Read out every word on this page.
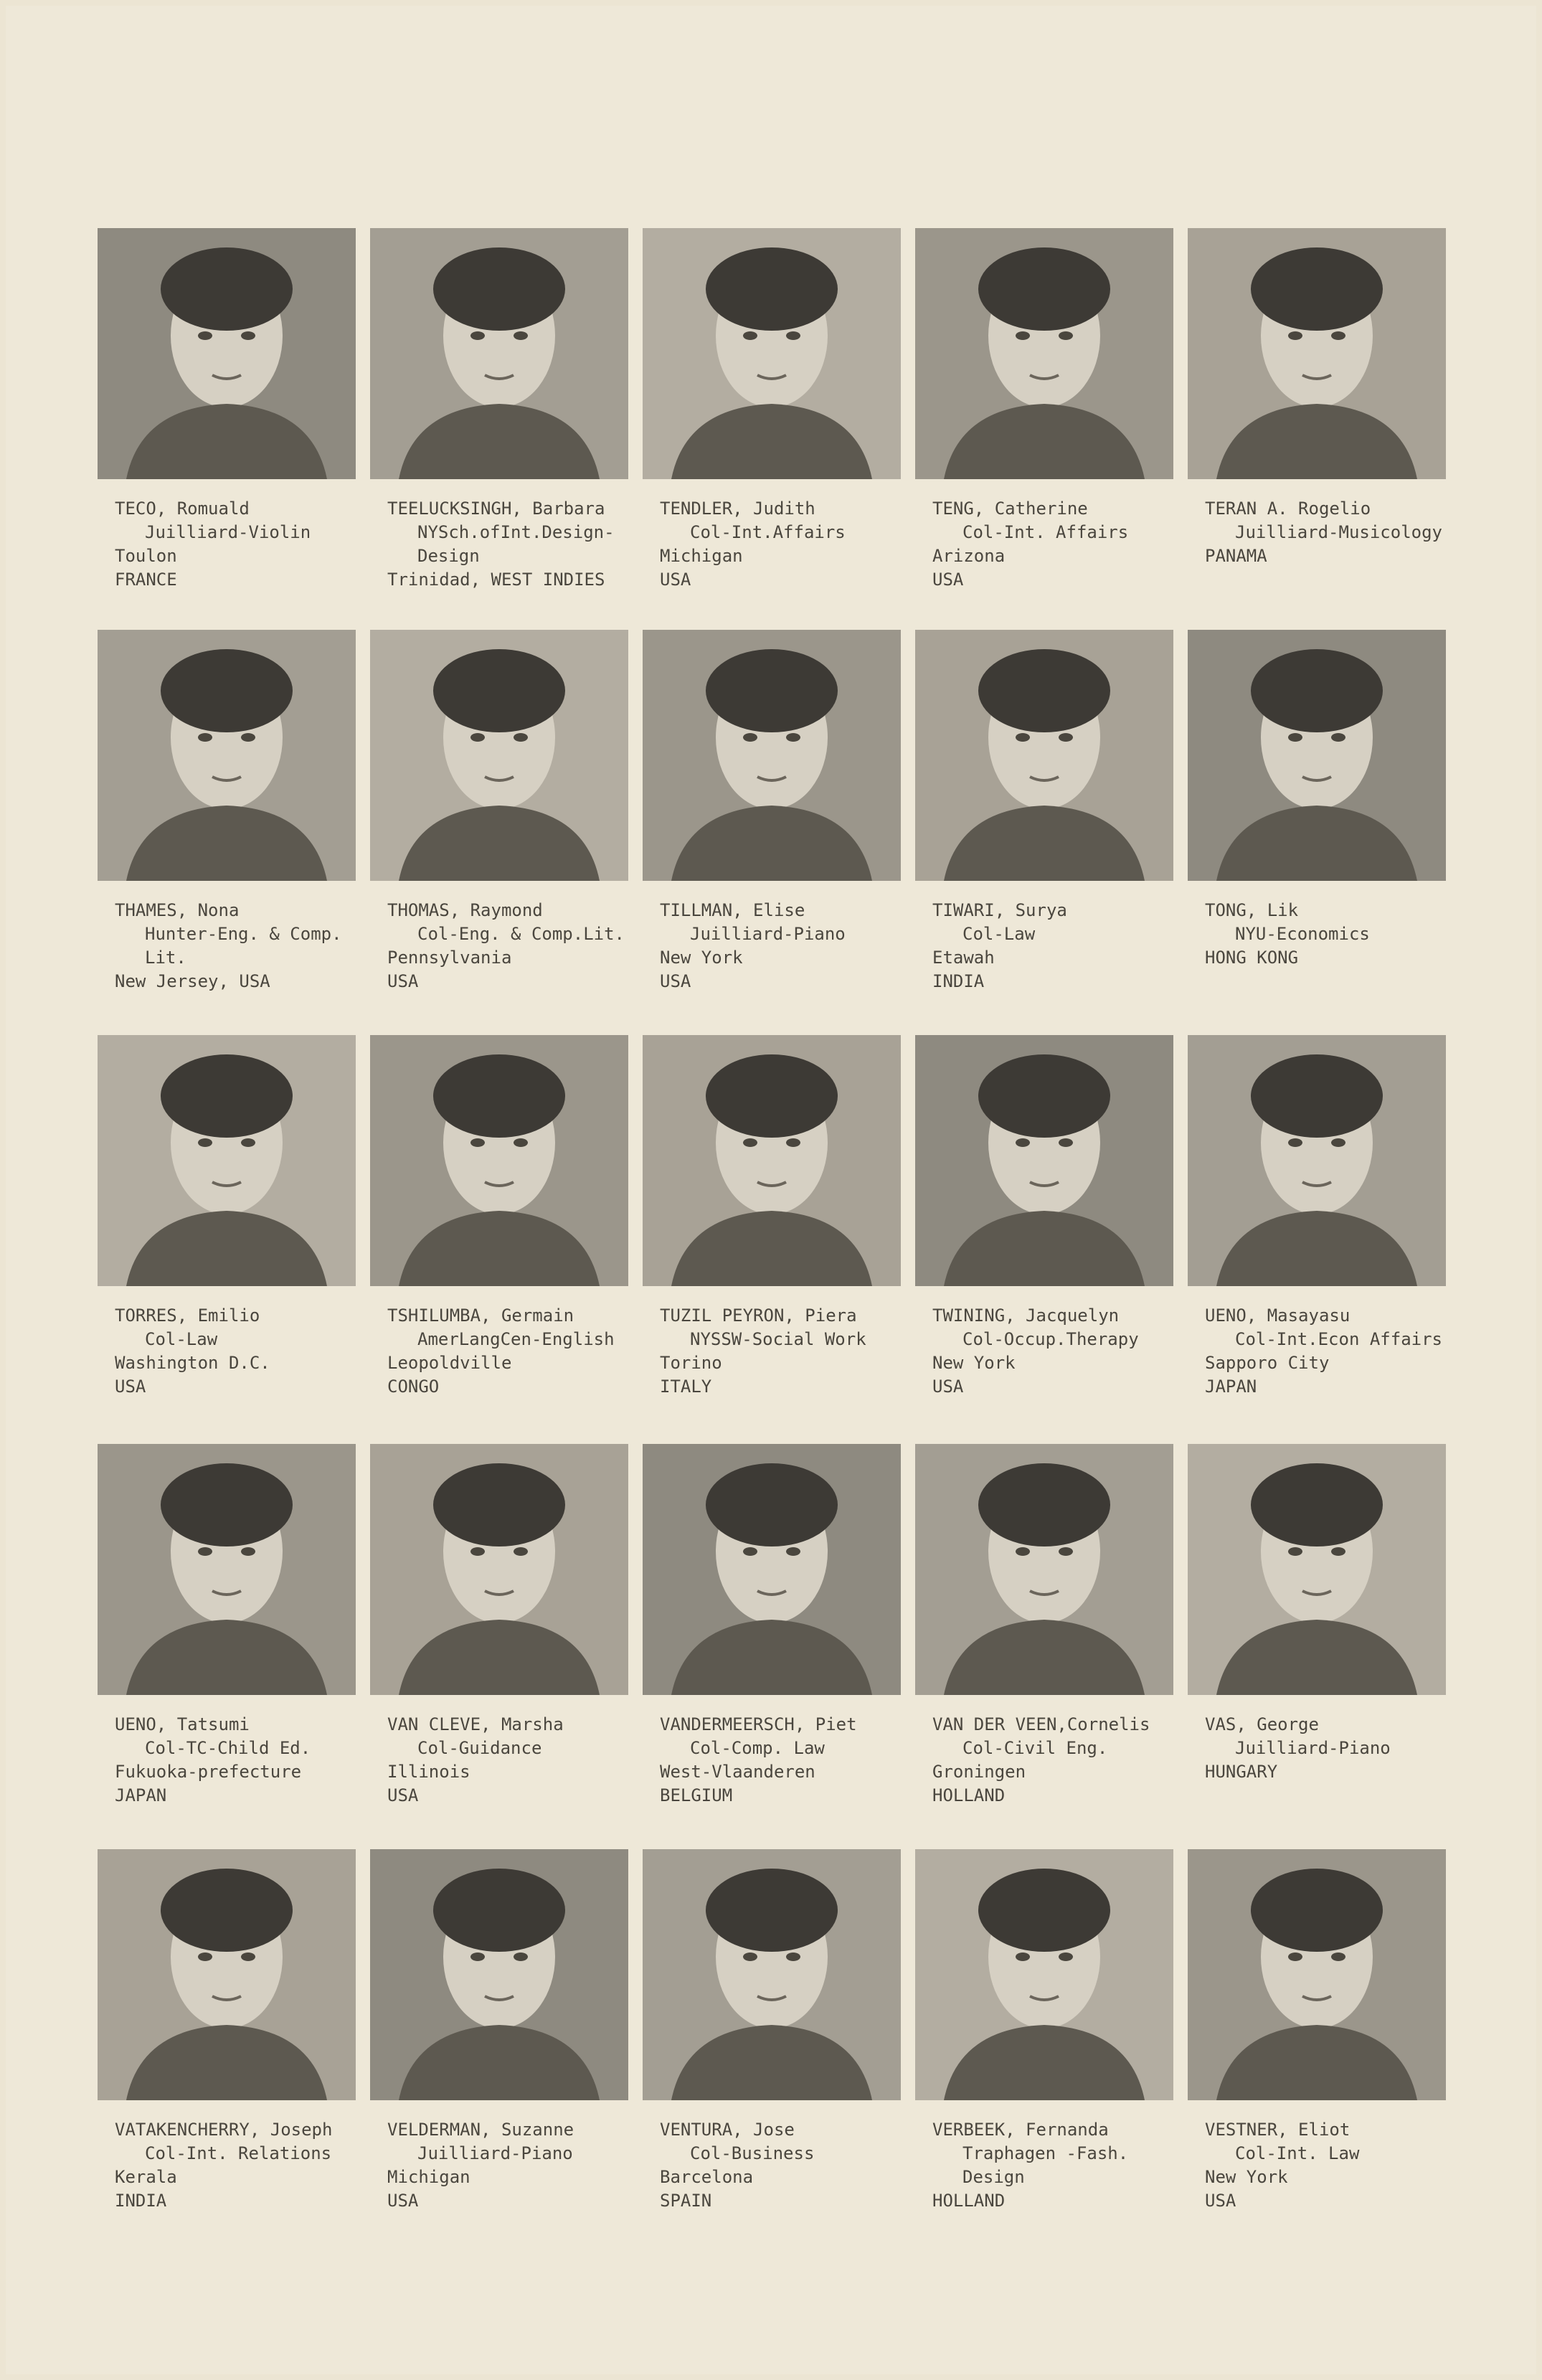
TECO, Romuald
Juilliard-Violin
Toulon
FRANCE
TEELUCKSINGH, Barbara
NYSch.ofInt.Design-
Design
Trinidad, WEST INDIES
TENDLER, Judith
Col-Int.Affairs
Michigan
USA
TENG, Catherine
Col-Int. Affairs
Arizona
USA
TERAN A. Rogelio
Juilliard-Musicology
PANAMA
THAMES, Nona
Hunter-Eng. & Comp.
Lit.
New Jersey, USA
THOMAS, Raymond
Col-Eng. & Comp.Lit.
Pennsylvania
USA
TILLMAN, Elise
Juilliard-Piano
New York
USA
TIWARI, Surya
Col-Law
Etawah
INDIA
TONG, Lik
NYU-Economics
HONG KONG
TORRES, Emilio
Col-Law
Washington D.C.
USA
TSHILUMBA, Germain
AmerLangCen-English
Leopoldville
CONGO
TUZIL PEYRON, Piera
NYSSW-Social Work
Torino
ITALY
TWINING, Jacquelyn
Col-Occup.Therapy
New York
USA
UENO, Masayasu
Col-Int.Econ Affairs
Sapporo City
JAPAN
UENO, Tatsumi
Col-TC-Child Ed.
Fukuoka-prefecture
JAPAN
VAN CLEVE, Marsha
Col-Guidance
Illinois
USA
VANDERMEERSCH, Piet
Col-Comp. Law
West-Vlaanderen
BELGIUM
VAN DER VEEN,Cornelis
Col-Civil Eng.
Groningen
HOLLAND
VAS, George
Juilliard-Piano
HUNGARY
VATAKENCHERRY, Joseph
Col-Int. Relations
Kerala
INDIA
VELDERMAN, Suzanne
Juilliard-Piano
Michigan
USA
VENTURA, Jose
Col-Business
Barcelona
SPAIN
VERBEEK, Fernanda
Traphagen -Fash.
Design
HOLLAND
VESTNER, Eliot
Col-Int. Law
New York
USA
